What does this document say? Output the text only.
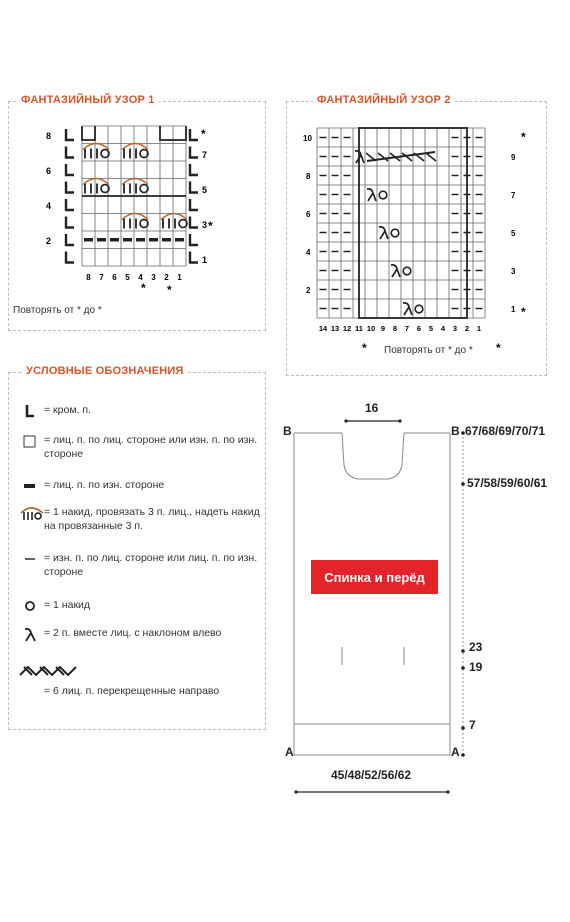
ФАНТАЗИЙНЫЙ УЗОР 1
8
6
4
2
7
5
3
1
*
*
* *
8 7 6 5 4 3 2 1
Повторять от * до *
ФАНТАЗИЙНЫЙ УЗОР 2
10
8
6
4
2
9
7
5
3
1
*
*
*	*
14 13 12 11 10 9 8 7 6 5 4 3 2 1
Повторять от * до *
УСЛОВНЫЕ ОБОЗНАЧЕНИЯ
= кром. п.
= лиц. п. по лиц. стороне или изн. п. по изн. стороне
= лиц. п. по изн. стороне
= 1 накид, провязать 3 п. лиц., надеть накид на провязанные 3 п.
= изн. п. по лиц. стороне или лиц. п. по изн. стороне
= 1 накид
= 2 п. вместе лиц. с наклоном влево
= 6 лиц. п. перекрещенные направо
16
B	B 67/68/69/70/71
57/58/59/60/61
Спинка и перёд
23
19
7
A	A
45/48/52/56/62
